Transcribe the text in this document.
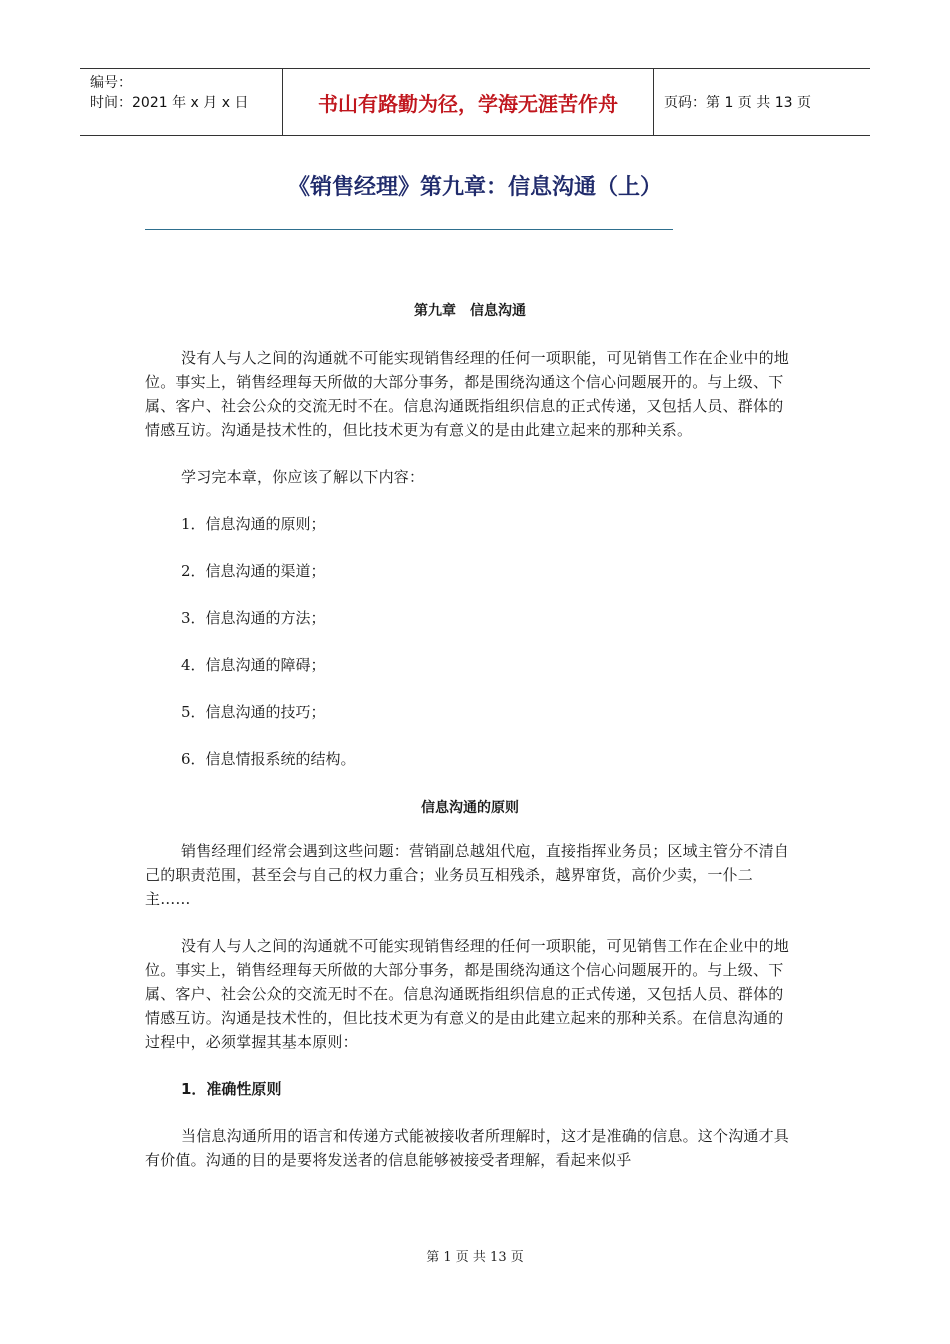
编号：
时间：2021 年 x 月 x 日	书山有路勤为径，学海无涯苦作舟	页码：第 1 页 共 13 页
《销售经理》第九章：信息沟通（上）

第九章　信息沟通

没有人与人之间的沟通就不可能实现销售经理的任何一项职能，可见销售工作在企业中的地位。事实上，销售经理每天所做的大部分事务，都是围绕沟通这个信心问题展开的。与上级、下属、客户、社会公众的交流无时不在。信息沟通既指组织信息的正式传递，又包括人员、群体的情感互访。沟通是技术性的，但比技术更为有意义的是由此建立起来的那种关系。

学习完本章，你应该了解以下内容：

1．信息沟通的原则；

2．信息沟通的渠道；

3．信息沟通的方法；

4．信息沟通的障碍；

5．信息沟通的技巧；

6．信息情报系统的结构。

信息沟通的原则

销售经理们经常会遇到这些问题：营销副总越俎代庖，直接指挥业务员；区域主管分不清自己的职责范围，甚至会与自己的权力重合；业务员互相残杀，越界窜货，高价少卖，一仆二主……

没有人与人之间的沟通就不可能实现销售经理的任何一项职能，可见销售工作在企业中的地位。事实上，销售经理每天所做的大部分事务，都是围绕沟通这个信心问题展开的。与上级、下属、客户、社会公众的交流无时不在。信息沟通既指组织信息的正式传递，又包括人员、群体的情感互访。沟通是技术性的，但比技术更为有意义的是由此建立起来的那种关系。在信息沟通的过程中，必须掌握其基本原则：

1．准确性原则

当信息沟通所用的语言和传递方式能被接收者所理解时，这才是准确的信息。这个沟通才具有价值。沟通的目的是要将发送者的信息能够被接受者理解，看起来似乎

第 1 页 共 13 页
